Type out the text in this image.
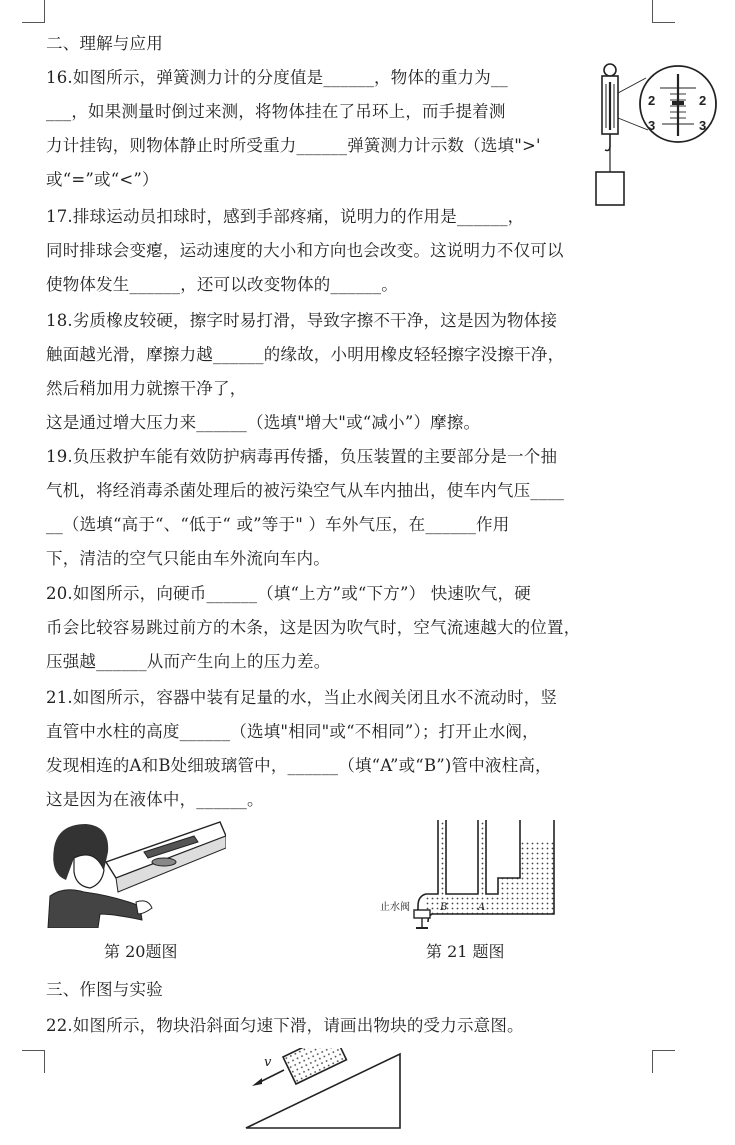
二、理解与应用
16.如图所示，弹簧测力计的分度值是______，物体的重力为__
___，如果测量时倒过来测，将物体挂在了吊环上，而手提着测
力计挂钩，则物体静止时所受重力______弹簧测力计示数（选填">'
或“=”或“<”）
17.排球运动员扣球时，感到手部疼痛，说明力的作用是______，
同时排球会变瘪，运动速度的大小和方向也会改变。这说明力不仅可以
使物体发生______，还可以改变物体的______。
18.劣质橡皮较硬，擦字时易打滑，导致字擦不干净，这是因为物体接
触面越光滑，摩擦力越______的缘故，小明用橡皮轻轻擦字没擦干净，
然后稍加用力就擦干净了，
这是通过增大压力来______（选填"增大"或“减小”）摩擦。
19.负压救护车能有效防护病毒再传播，负压装置的主要部分是一个抽
气机，将经消毒杀菌处理后的被污染空气从车内抽出，使车内气压____
__（选填“高于“、“低于“ 或”等于" ）车外气压，在______作用
下，清洁的空气只能由车外流向车内。
20.如图所示，向硬币______（填“上方”或“下方”） 快速吹气，硬
币会比较容易跳过前方的木条，这是因为吹气时，空气流速越大的位置，
压强越______从而产生向上的压力差。
21.如图所示，容器中装有足量的水，当止水阀关闭且水不流动时，竖
直管中水柱的高度______（选填"相同"或“不相同”）；打开止水阀，
发现相连的A和B处细玻璃管中，______（填“A”或“B”)管中液柱高，
这是因为在液体中，______。
第 20题图	第 21 题图
三、作图与实验
22.如图所示，物块沿斜面匀速下滑，请画出物块的受力示意图。
2
3
2
3
止水阀	B	A
v
